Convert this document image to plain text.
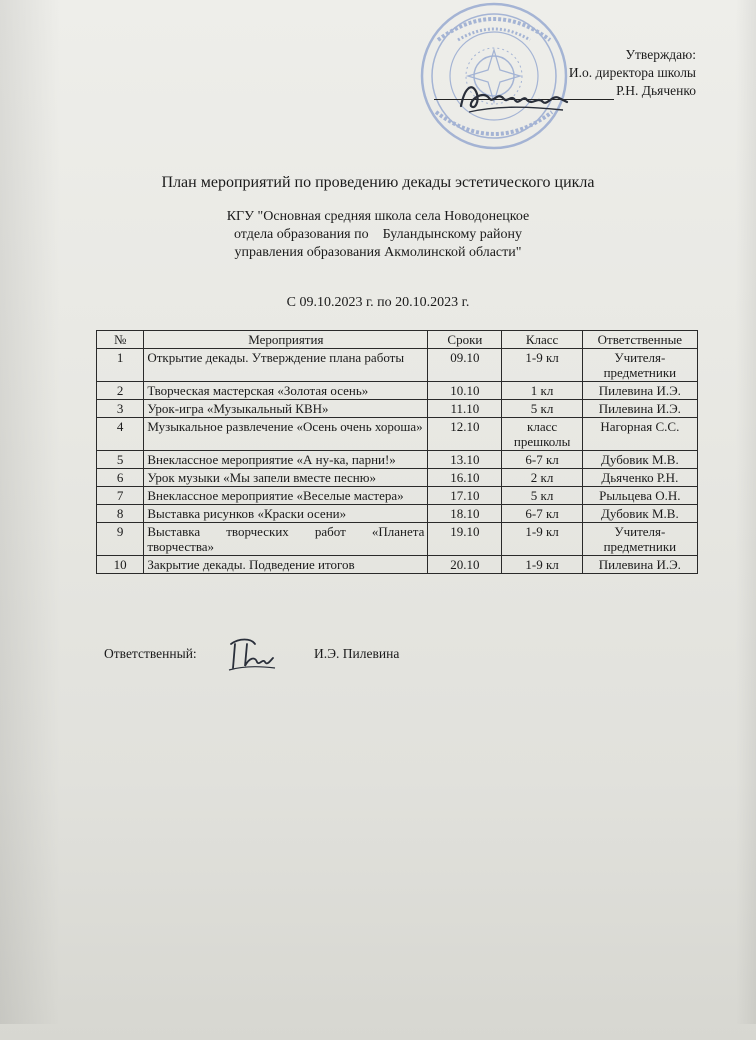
Утверждаю:
И.о. директора школы
Р.Н. Дьяченко
План мероприятий по проведению декады эстетического цикла
КГУ "Основная средняя школа села Новодонецкое
отдела образования по    Буландынскому району
управления образования Акмолинской области"
С 09.10.2023 г. по 20.10.2023 г.
№	Мероприятия	Сроки	Класс	Ответственные
1	Открытие декады. Утверждение плана работы	09.10	1-9 кл	Учителя-предметники
2	Творческая мастерская «Золотая осень»	10.10	1 кл	Пилевина И.Э.
3	Урок-игра «Музыкальный КВН»	11.10	5 кл	Пилевина И.Э.
4	Музыкальное развлечение «Осень очень хороша»	12.10	класс прешколы	Нагорная С.С.
5	Внеклассное мероприятие «А ну-ка, парни!»	13.10	6-7 кл	Дубовик М.В.
6	Урок музыки «Мы запели вместе песню»	16.10	2 кл	Дьяченко Р.Н.
7	Внеклассное мероприятие «Веселые мастера»	17.10	5 кл	Рыльцева О.Н.
8	Выставка рисунков «Краски осени»	18.10	6-7 кл	Дубовик М.В.
9	Выставка творческих работ «Планета творчества»	19.10	1-9 кл	Учителя-предметники
10	Закрытие декады. Подведение итогов	20.10	1-9 кл	Пилевина И.Э.
Ответственный:	И.Э. Пилевина
